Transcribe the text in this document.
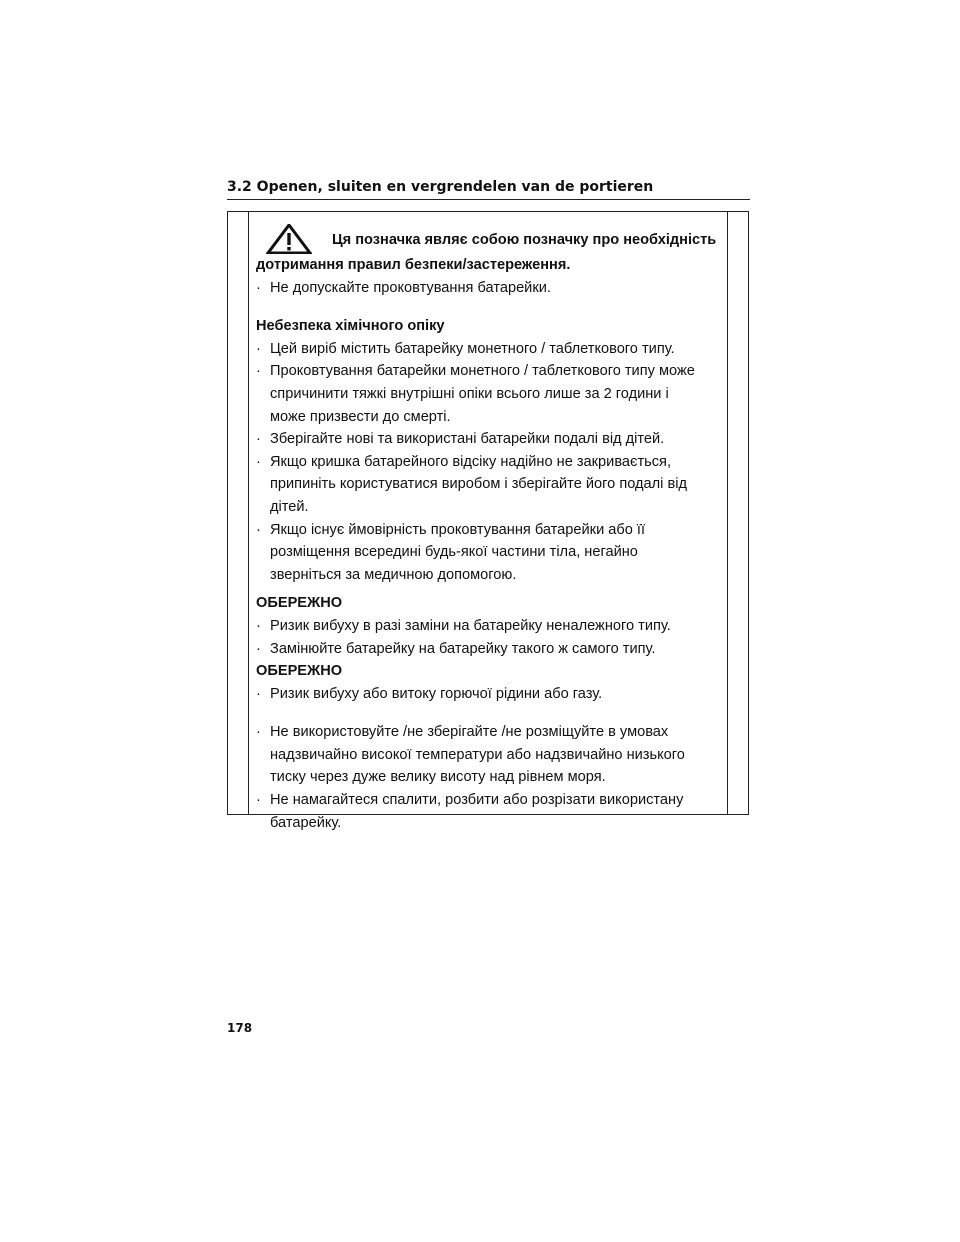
3.2 Openen, sluiten en vergrendelen van de portieren
Ця позначка являє собою позначку про необхідність
дотримання правил безпеки/застереження.
· Не допускайте проковтування батарейки.
Небезпека хімічного опіку
· Цей виріб містить батарейку монетного / таблеткового типу.
· Проковтування батарейки монетного / таблеткового типу може
спричинити тяжкі внутрішні опіки всього лише за 2 години і
може призвести до смерті.
· Зберігайте нові та використані батарейки подалі від дітей.
· Якщо кришка батарейного відсіку надійно не закривається,
припиніть користуватися виробом і зберігайте його подалі від
дітей.
· Якщо існує ймовірність проковтування батарейки або її
розміщення всередині будь-якої частини тіла, негайно
зверніться за медичною допомогою.
ОБЕРЕЖНО
· Ризик вибуху в разі заміни на батарейку неналежного типу.
· Замінюйте батарейку на батарейку такого ж самого типу.
ОБЕРЕЖНО
· Ризик вибуху або витоку горючої рідини або газу.
· Не використовуйте /не зберігайте /не розміщуйте в умовах
надзвичайно високої температури або надзвичайно низького
тиску через дуже велику висоту над рівнем моря.
· Не намагайтеся спалити, розбити або розрізати використану
батарейку.
178
